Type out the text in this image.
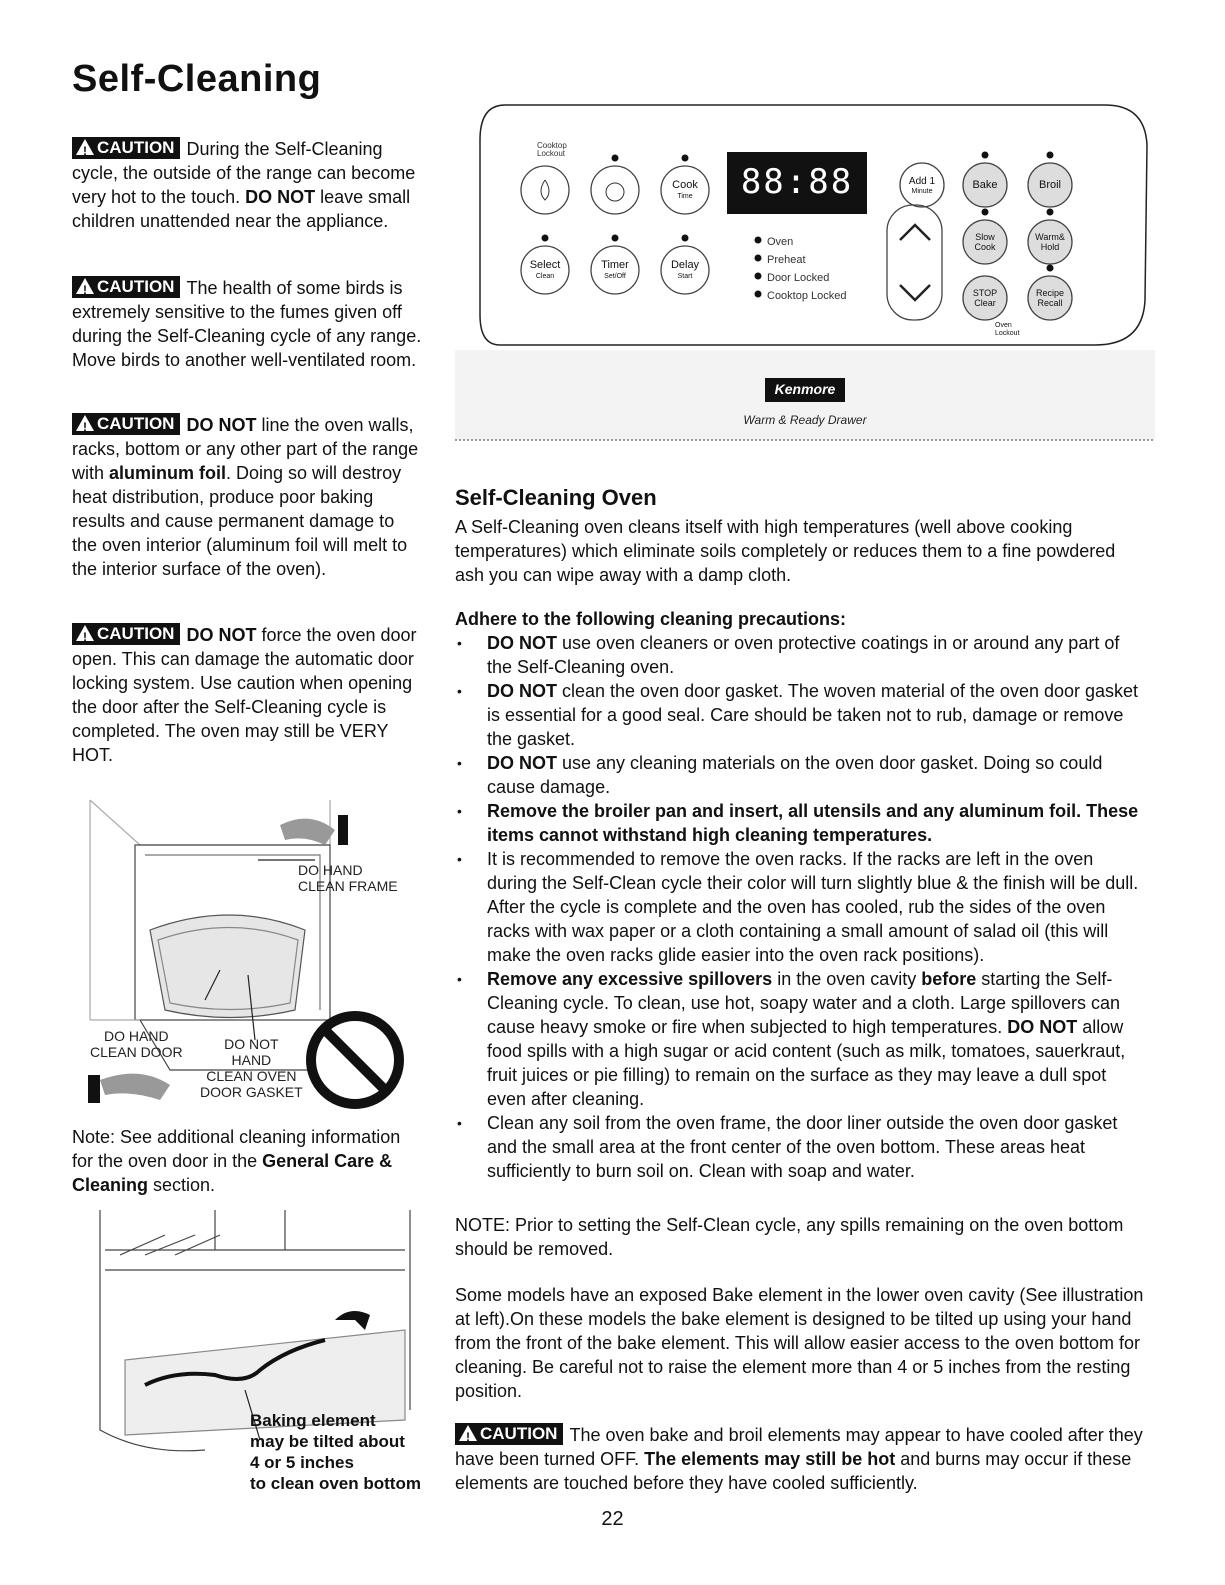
Self-Cleaning
! CAUTION During the Self-Cleaning cycle, the outside of the range can become very hot to the touch. DO NOT leave small children unattended near the appliance.
! CAUTION The health of some birds is extremely sensitive to the fumes given off during the Self-Cleaning cycle of any range. Move birds to another well-ventilated room.
! CAUTION DO NOT line the oven walls, racks, bottom or any other part of the range with aluminum foil. Doing so will destroy heat distribution, produce poor baking results and cause permanent damage to the oven interior (aluminum foil will melt to the interior surface of the oven).
! CAUTION DO NOT force the oven door open. This can damage the automatic door locking system. Use caution when opening the door after the Self-Cleaning cycle is completed. The oven may still be VERY HOT.
DO HAND
CLEAN FRAME
DO HAND
CLEAN DOOR	DO NOT
HAND
CLEAN OVEN
DOOR GASKET
Note: See additional cleaning information for the oven door in the General Care & Cleaning section.
Baking element
may be tilted about
4 or 5 inches
to clean oven bottom
Cooktop
Lockout
88:88
Cook
Time
Select
Clean
Timer
Set/Off
Delay
Start
Oven
Preheat
Door Locked
Cooktop Locked
Add 1
Minute
Bake	Broil
Slow
Cook
Warm&
Hold
STOP
Clear
Recipe
Recall
Oven
Lockout
Kenmore
Warm & Ready Drawer
Self-Cleaning Oven
A Self-Cleaning oven cleans itself with high temperatures (well above cooking temperatures) which eliminate soils completely or reduces them to a fine powdered ash you can wipe away with a damp cloth.
Adhere to the following cleaning precautions:
• DO NOT use oven cleaners or oven protective coatings in or around any part of the Self-Cleaning oven.
• DO NOT clean the oven door gasket. The woven material of the oven door gasket is essential for a good seal. Care should be taken not to rub, damage or remove the gasket.
• DO NOT use any cleaning materials on the oven door gasket. Doing so could cause damage.
• Remove the broiler pan and insert, all utensils and any aluminum foil. These items cannot withstand high cleaning temperatures.
• It is recommended to remove the oven racks. If the racks are left in the oven during the Self-Clean cycle their color will turn slightly blue & the finish will be dull. After the cycle is complete and the oven has cooled, rub the sides of the oven racks with wax paper or a cloth containing a small amount of salad oil (this will make the oven racks glide easier into the oven rack positions).
• Remove any excessive spillovers in the oven cavity before starting the Self-Cleaning cycle. To clean, use hot, soapy water and a cloth. Large spillovers can cause heavy smoke or fire when subjected to high temperatures. DO NOT allow food spills with a high sugar or acid content (such as milk, tomatoes, sauerkraut, fruit juices or pie filling) to remain on the surface as they may leave a dull spot even after cleaning.
• Clean any soil from the oven frame, the door liner outside the oven door gasket and the small area at the front center of the oven bottom. These areas heat sufficiently to burn soil on. Clean with soap and water.
NOTE: Prior to setting the Self-Clean cycle, any spills remaining on the oven bottom should be removed.
Some models have an exposed Bake element in the lower oven cavity (See illustration at left).On these models the bake element is designed to be tilted up using your hand from the front of the bake element. This will allow easier access to the oven bottom for cleaning. Be careful not to raise the element more than 4 or 5 inches from the resting position.
! CAUTION The oven bake and broil elements may appear to have cooled after they have been turned OFF. The elements may still be hot and burns may occur if these elements are touched before they have cooled sufficiently.
22
